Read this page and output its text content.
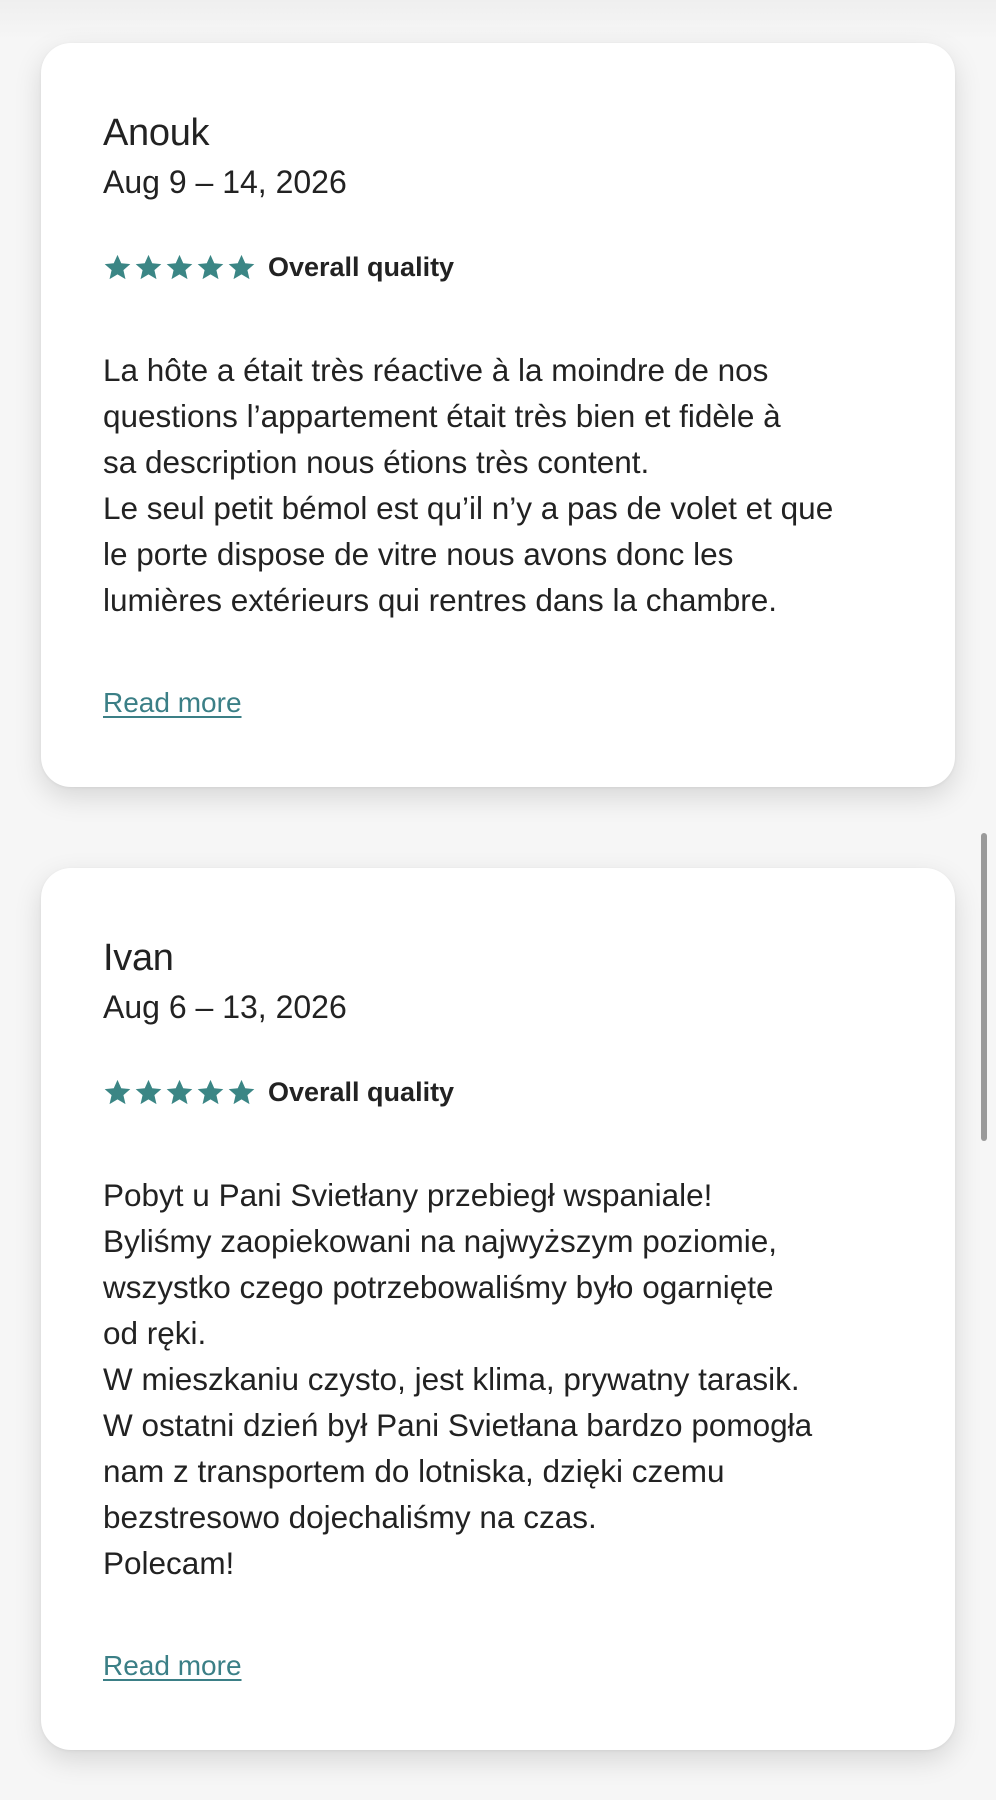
Anouk
Aug 9 – 14, 2026
Overall quality
La hôte a était très réactive à la moindre de nos
questions l’appartement était très bien et fidèle à
sa description nous étions très content.
Le seul petit bémol est qu’il n’y a pas de volet et que
le porte dispose de vitre nous avons donc les
lumières extérieurs qui rentres dans la chambre.
Read more
Ivan
Aug 6 – 13, 2026
Overall quality
Pobyt u Pani Svietłany przebiegł wspaniale!
Byliśmy zaopiekowani na najwyższym poziomie,
wszystko czego potrzebowaliśmy było ogarnięte
od ręki.
W mieszkaniu czysto, jest klima, prywatny tarasik.
W ostatni dzień był Pani Svietłana bardzo pomogła
nam z transportem do lotniska, dzięki czemu
bezstresowo dojechaliśmy na czas.
Polecam!
Read more
